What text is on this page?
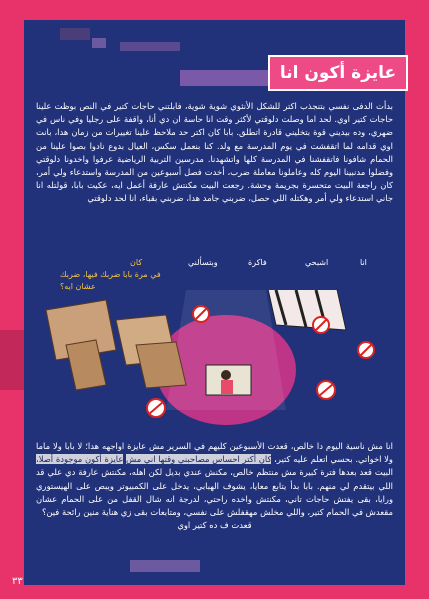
عايزة أكون انا
بدأت الدفى نفسي بتنجذب اكتر للشكل الأنثوي شوية شوية، فابلتني حاجات كتير في النص بوظت علينا حاجات كتير اوي. لحد اما وصلت دلوقتي لأكثر وقت انا حاسة ان دي أنا، واقفة على رجليا وفي ناس في ضهري، وده بيديني قوة بتخليني قادرة اتطلق. بابا كان اكتر حد ملاحظ علينا تغييرات من زمان هدا، بانت اوي قدامه لما اتقفشت في يوم المدرسة مع ولد. كنا بنعمل سكس، العيال بدوع نادوا بصوا علينا من الحمام شافونا فاتقفشنا في المدرسة كلها واتشهدنا. مدرسين التربية الرياضية عرفوا واخدونا دلوقتي وفضلوا مدنبينا اليوم كله وعاملونا معاملة ضرب، أخدت فصل أسبوعين من المدرسة واستدعاء ولي أمر، كان راجعة البيت متحسرة بجريمة وحشة. رجعت البيت مكنتش عارفة أعمل ايه، عكيت بابا، قولتله انا جاني استدعاء ولي أمر وهكتله اللي حصل، ضربني جامد هدا، ضربني بقباء، انا لحد دلوقتي
انا
اشبحي
فاكرة
وبتسألني
كان
في مرة بابا ضربك فيها، ضربك
عشان ايه؟
انا مش ناسية اليوم دا خالص، قعدت الأسبوعين كليهم في السرير مش عايزة اواجهه هدا؛ لا بابا ولا ماما ولا اخواتي. بحسي اتعلم عليه كتير، كان أكتر احساس مصاحبني وقتها اني مش عايزة أكون موجودة أصلا، البيت قعد بعدها فترة كبيرة مش منتظم خالص، مكنش عندي بديل لكن اهله، مكنتش عارفة دي علي قد اللي بيتقدم لي منهم. بابا بدأ يتابع معايا، يشوف الهبابي، يدخل على الكمبيوتر ويبص على الهيستوري ورايا، بقى يفتش حاجات تاني، مكنتش واخده راحتي، لدرجة انه شال القفل من على الحمام عشان مقعدش في الحمام كتير، واللي مخلش مهقفلش على نفسي، ومتابعات بقى زي هناية منين رائحة فين؟
قعدت ف ده كتير اوي
٣٣
